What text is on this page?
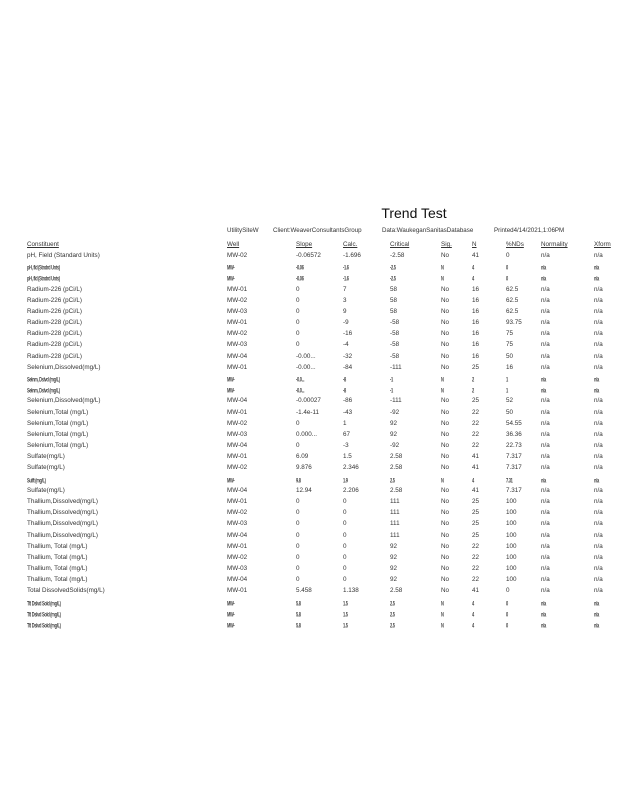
Trend Test
UtilitySiteW Client:WeaverConsultantsGroup	Data:WaukeganSanitasDatabase	Printed4/14/2021,1:06PM
Constituent	Well	Slope	Calc.	Critical	Sig.	N	%NDs	Normality	Xform
pH, Field (Standard Units)	MW-02	-0.06572	-1.696	-2.58	No	41	0	n/a	n/a
pH, fld (Stndrd Unts)	MW-	-0.06	-1.6	-2.5	N	4	0	n/a	n/a
pH, fld (Stndrd Unts)	MW-	-0.06	-1.6	-2.5	N	4	0	n/a	n/a
Radium-226 (pCi/L)	MW-01	0	7	58	No	16	62.5	n/a	n/a
Radium-226 (pCi/L)	MW-02	0	3	58	No	16	62.5	n/a	n/a
Radium-226 (pCi/L)	MW-03	0	9	58	No	16	62.5	n/a	n/a
Radium-228 (pCi/L)	MW-01	0	-9	-58	No	16	93.75	n/a	n/a
Radium-228 (pCi/L)	MW-02	0	-16	-58	No	16	75	n/a	n/a
Radium-228 (pCi/L)	MW-03	0	-4	-58	No	16	75	n/a	n/a
Radium-228 (pCi/L)	MW-04	-0.00...	-32	-58	No	16	50	n/a	n/a
Selenium,Dissolved(mg/L)	MW-01	-0.00...	-84	-111	No	25	16	n/a	n/a
Selnm, Dslvd (mg/L)	MW-	-0.0...	-8	-1	N	2	1	n/a	n/a
Selnm, Dslvd (mg/L)	MW-	-0.0...	-8	-1	N	2	1	n/a	n/a
Selenium,Dissolved(mg/L)	MW-04	-0.00027	-86	-111	No	25	52	n/a	n/a
Selenium,Total (mg/L)	MW-01	-1.4e-11	-43	-92	No	22	50	n/a	n/a
Selenium,Total (mg/L)	MW-02	0	1	92	No	22	54.55	n/a	n/a
Selenium,Total (mg/L)	MW-03	0.000...	67	92	No	22	36.36	n/a	n/a
Selenium,Total (mg/L)	MW-04	0	-3	-92	No	22	22.73	n/a	n/a
Sulfate(mg/L)	MW-01	6.09	1.5	2.58	No	41	7.317	n/a	n/a
Sulfate(mg/L)	MW-02	9.876	2.346	2.58	No	41	7.317	n/a	n/a
Sulft (mg/L)	MW-	9.8	1.9	2.5	N	4	7.31	n/a	n/a
Sulfate(mg/L)	MW-04	12.94	2.206	2.58	No	41	7.317	n/a	n/a
Thallium,Dissolved(mg/L)	MW-01	0	0	111	No	25	100	n/a	n/a
Thallium,Dissolved(mg/L)	MW-02	0	0	111	No	25	100	n/a	n/a
Thallium,Dissolved(mg/L)	MW-03	0	0	111	No	25	100	n/a	n/a
Thallium,Dissolved(mg/L)	MW-04	0	0	111	No	25	100	n/a	n/a
Thallium, Total (mg/L)	MW-01	0	0	92	No	22	100	n/a	n/a
Thallium, Total (mg/L)	MW-02	0	0	92	No	22	100	n/a	n/a
Thallium, Total (mg/L)	MW-03	0	0	92	No	22	100	n/a	n/a
Thallium, Total (mg/L)	MW-04	0	0	92	No	22	100	n/a	n/a
Total DissolvedSolids(mg/L)	MW-01	5.458	1.138	2.58	No	41	0	n/a	n/a
Ttl Dslvd Sold (mg/L)	MW-	5.8	1.5	2.5	N	4	0	n/a	n/a
Ttl Dslvd Sold (mg/L)	MW-	5.8	1.5	2.5	N	4	0	n/a	n/a
Ttl Dslvd Sold (mg/L)	MW-	5.8	1.5	2.5	N	4	0	n/a	n/a
